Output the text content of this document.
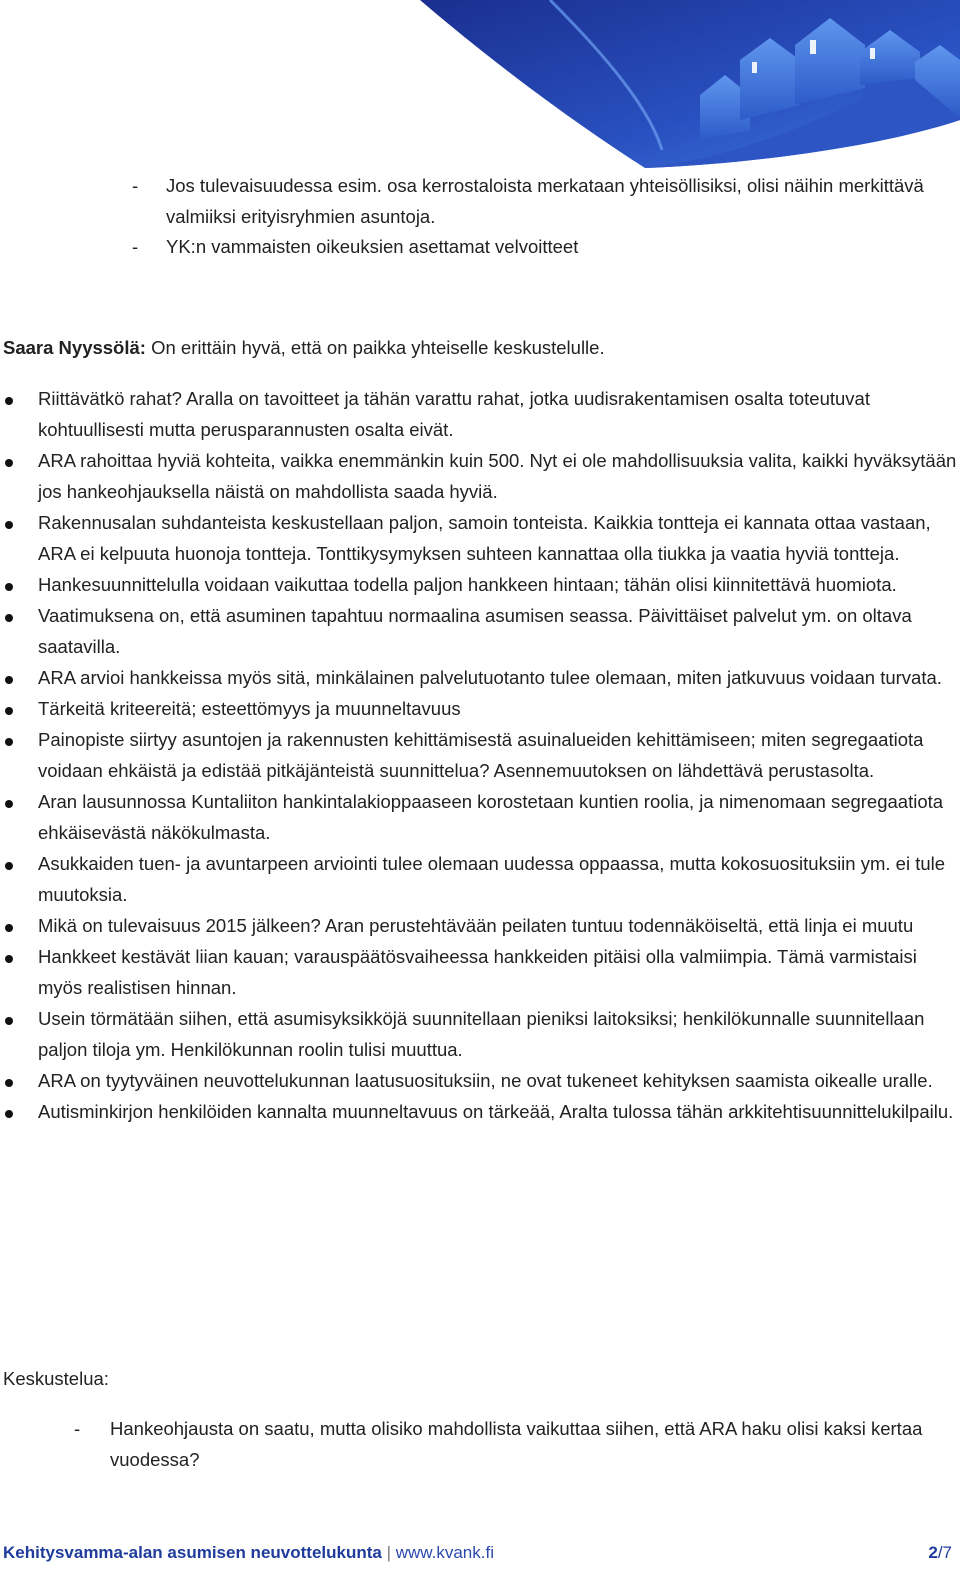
- Jos tulevaisuudessa esim. osa kerrostaloista merkataan yhteisöllisiksi, olisi näihin merkittävä valmiiksi erityisryhmien asuntoja.
- YK:n vammaisten oikeuksien asettamat velvoitteet

Saara Nyyssölä: On erittäin hyvä, että on paikka yhteiselle keskustelulle.

Riittävätkö rahat? Aralla on tavoitteet ja tähän varattu rahat, jotka uudisrakentamisen osalta toteutuvat kohtuullisesti mutta perusparannusten osalta eivät.
ARA rahoittaa hyviä kohteita, vaikka enemmänkin kuin 500. Nyt ei ole mahdollisuuksia valita, kaikki hyväksytään jos hankeohjauksella näistä on mahdollista saada hyviä.
Rakennusalan suhdanteista keskustellaan paljon, samoin tonteista. Kaikkia tontteja ei kannata ottaa vastaan, ARA ei kelpuuta huonoja tontteja. Tonttikysymyksen suhteen kannattaa olla tiukka ja vaatia hyviä tontteja.
Hankesuunnittelulla voidaan vaikuttaa todella paljon hankkeen hintaan; tähän olisi kiinnitettävä huomiota.
Vaatimuksena on, että asuminen tapahtuu normaalina asumisen seassa. Päivittäiset palvelut ym. on oltava saatavilla.
ARA arvioi hankkeissa myös sitä, minkälainen palvelutuotanto tulee olemaan, miten jatkuvuus voidaan turvata.
Tärkeitä kriteereitä; esteettömyys ja muunneltavuus
Painopiste siirtyy asuntojen ja rakennusten kehittämisestä asuinalueiden kehittämiseen; miten segregaatiota voidaan ehkäistä ja edistää pitkäjänteistä suunnittelua? Asennemuutoksen on lähdettävä perustasolta.
Aran lausunnossa Kuntaliiton hankintalakioppaaseen korostetaan kuntien roolia, ja nimenomaan segregaatiota ehkäisevästä näkökulmasta.
Asukkaiden tuen- ja avuntarpeen arviointi tulee olemaan uudessa oppaassa, mutta kokosuosituksiin ym. ei tule muutoksia.
Mikä on tulevaisuus 2015 jälkeen? Aran perustehtävään peilaten tuntuu todennäköiseltä, että linja ei muutu
Hankkeet kestävät liian kauan; varauspäätösvaiheessa hankkeiden pitäisi olla valmiimpia. Tämä varmistaisi myös realistisen hinnan.
Usein törmätään siihen, että asumisyksikköjä suunnitellaan pieniksi laitoksiksi; henkilökunnalle suunnitellaan paljon tiloja ym. Henkilökunnan roolin tulisi muuttua.
ARA on tyytyväinen neuvottelukunnan laatusuosituksiin, ne ovat tukeneet kehityksen saamista oikealle uralle.
Autisminkirjon henkilöiden kannalta muunneltavuus on tärkeää, Aralta tulossa tähän arkkitehtisuunnittelukilpailu.

Keskustelua:

- Hankeohjausta on saatu, mutta olisiko mahdollista vaikuttaa siihen, että ARA haku olisi kaksi kertaa vuodessa?
Kehitysvamma-alan asumisen neuvottelukunta | www.kvank.fi	2/7
